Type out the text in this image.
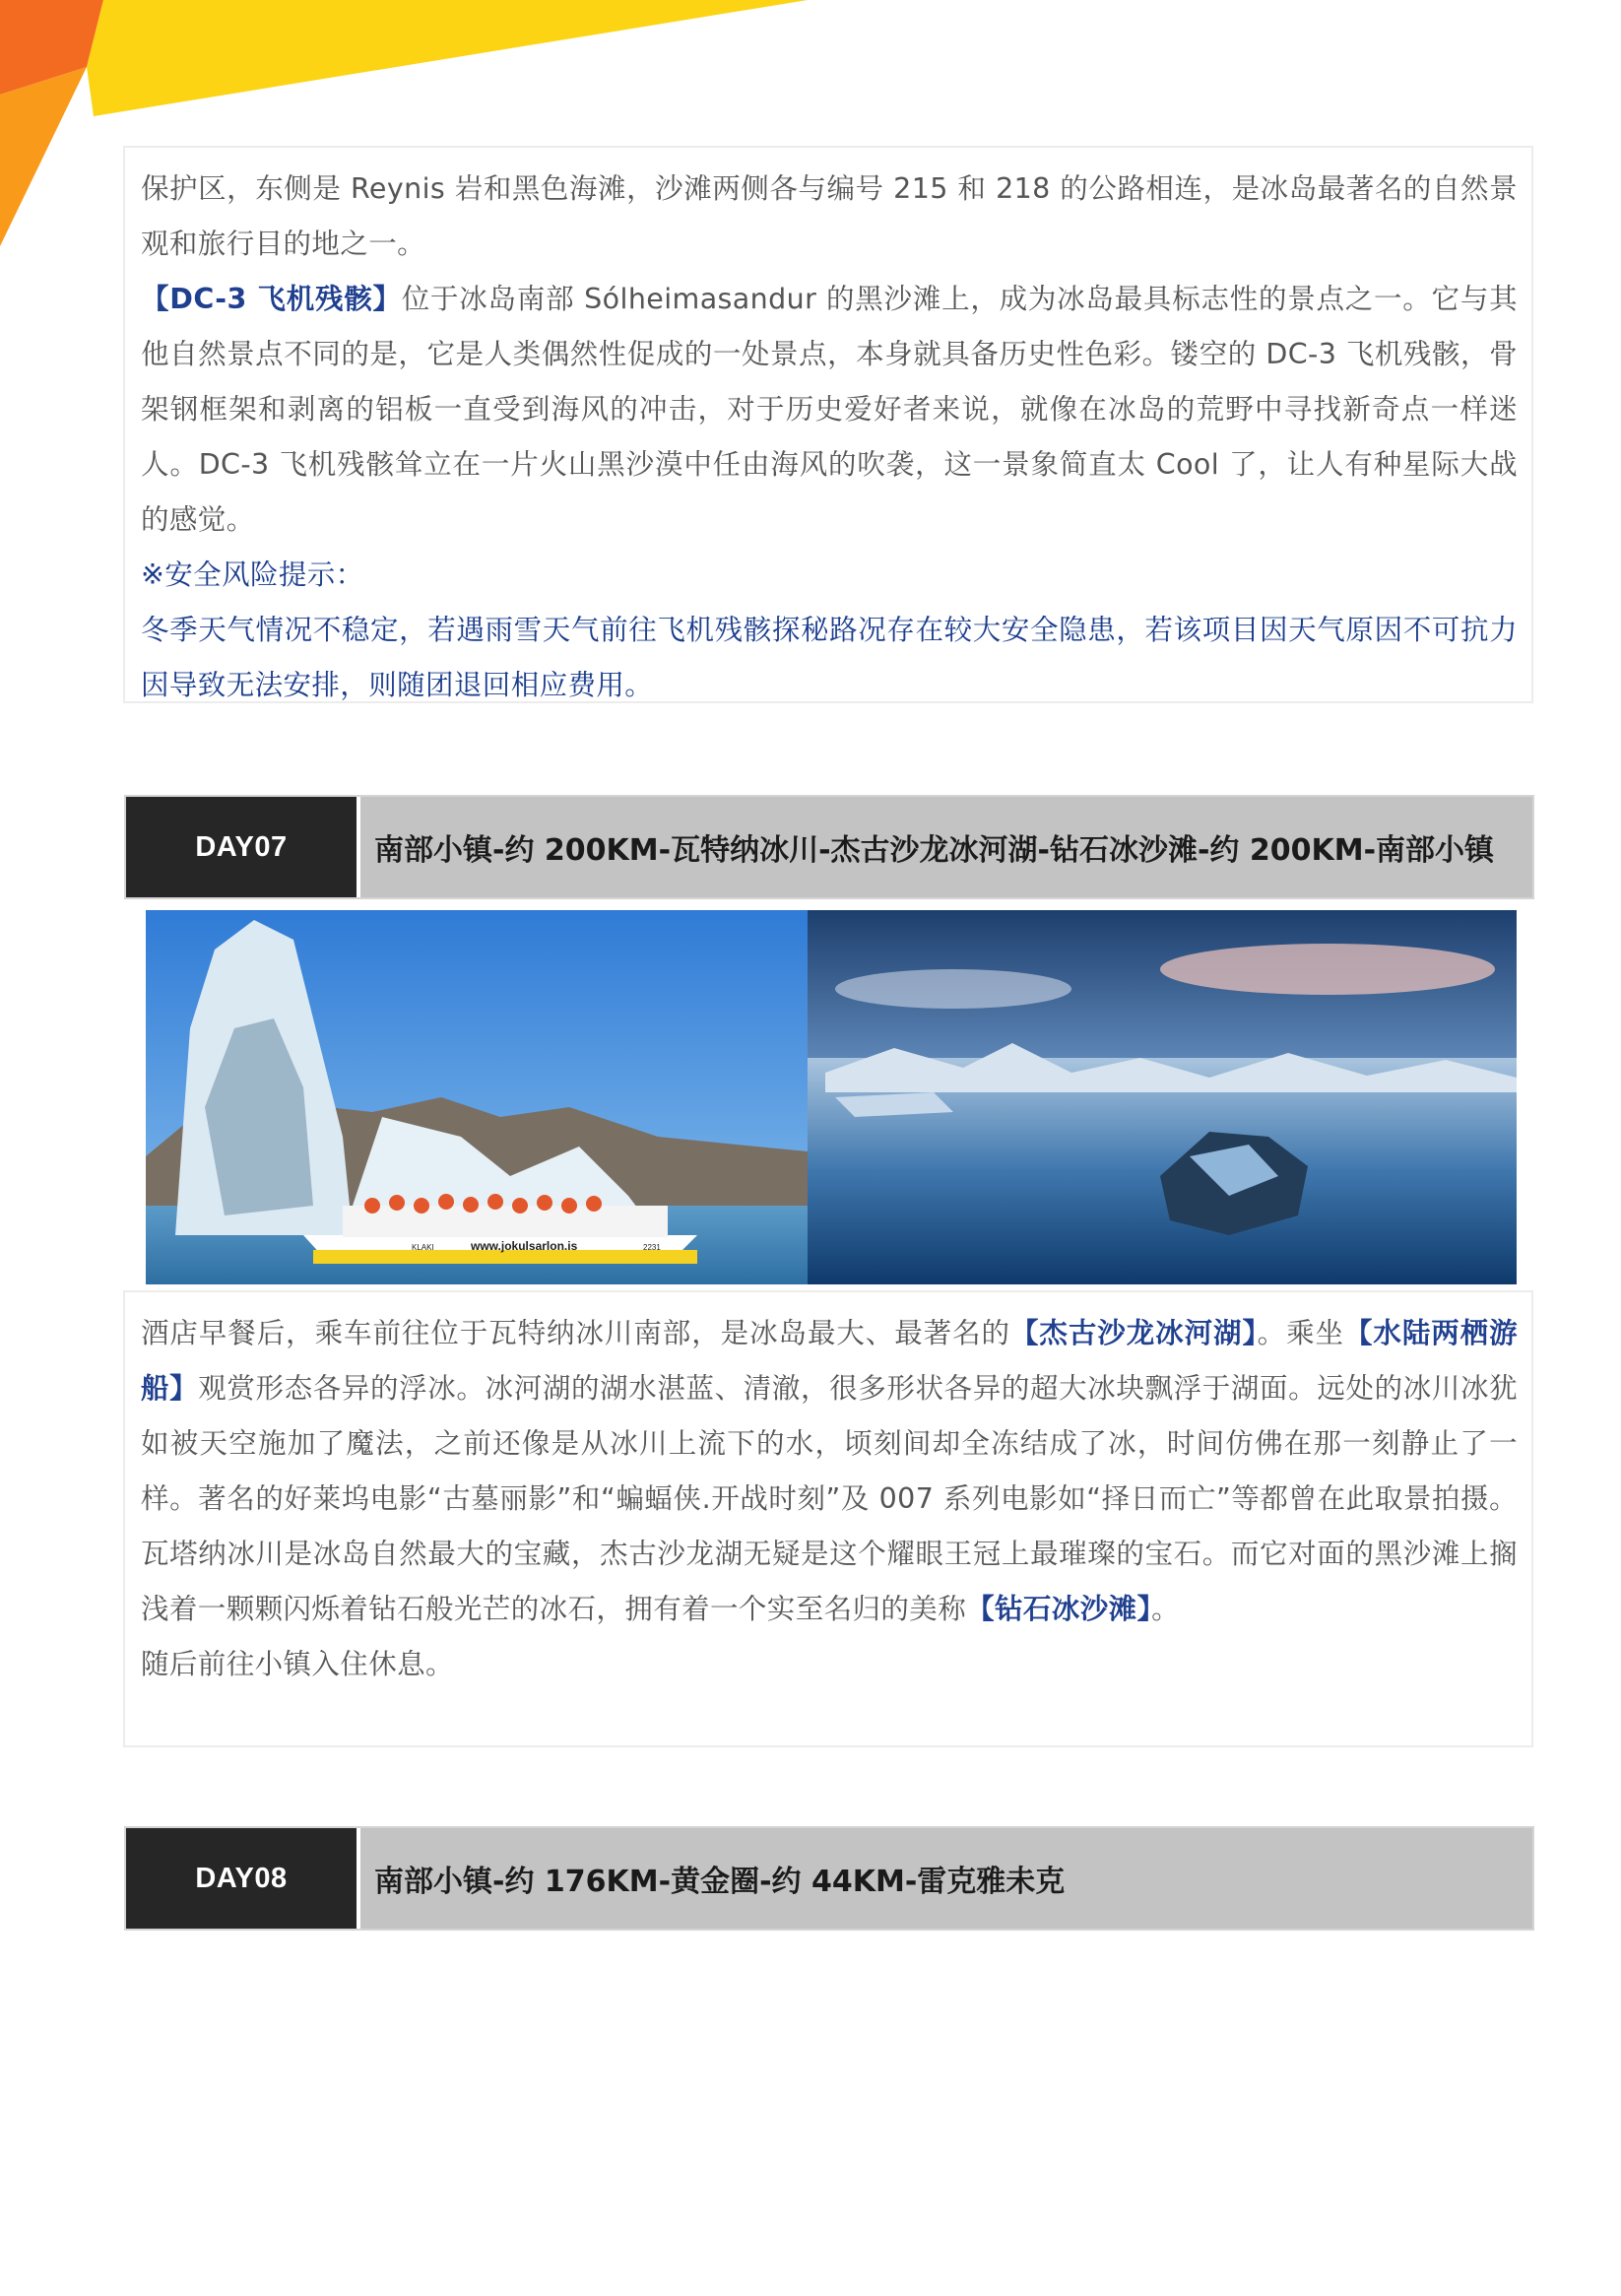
保护区，东侧是 Reynis 岩和黑色海滩，沙滩两侧各与编号 215 和 218 的公路相连，是冰岛最著名的自然景观和旅行目的地之一。

【DC-3 飞机残骸】位于冰岛南部 Sólheimasandur 的黑沙滩上，成为冰岛最具标志性的景点之一。它与其他自然景点不同的是，它是人类偶然性促成的一处景点，本身就具备历史性色彩。镂空的 DC-3 飞机残骸，骨架钢框架和剥离的铝板一直受到海风的冲击，对于历史爱好者来说，就像在冰岛的荒野中寻找新奇点一样迷人。DC-3 飞机残骸耸立在一片火山黑沙漠中任由海风的吹袭，这一景象简直太 Cool 了，让人有种星际大战的感觉。

※安全风险提示：

冬季天气情况不稳定，若遇雨雪天气前往飞机残骸探秘路况存在较大安全隐患，若该项目因天气原因不可抗力因导致无法安排，则随团退回相应费用。

DAY07	南部小镇-约 200KM-瓦特纳冰川-杰古沙龙冰河湖-钻石冰沙滩-约 200KM-南部小镇
www.jokulsarlon.is
KLAKI	2231

酒店早餐后，乘车前往位于瓦特纳冰川南部，是冰岛最大、最著名的【杰古沙龙冰河湖】。乘坐【水陆两栖游船】观赏形态各异的浮冰。冰河湖的湖水湛蓝、清澈，很多形状各异的超大冰块飘浮于湖面。远处的冰川冰犹如被天空施加了魔法，之前还像是从冰川上流下的水，顷刻间却全冻结成了冰，时间仿佛在那一刻静止了一样。著名的好莱坞电影“古墓丽影”和“蝙蝠侠.开战时刻”及 007 系列电影如“择日而亡”等都曾在此取景拍摄。瓦塔纳冰川是冰岛自然最大的宝藏，杰古沙龙湖无疑是这个耀眼王冠上最璀璨的宝石。而它对面的黑沙滩上搁浅着一颗颗闪烁着钻石般光芒的冰石，拥有着一个实至名归的美称【钻石冰沙滩】。

随后前往小镇入住休息。

DAY08	南部小镇-约 176KM-黄金圈-约 44KM-雷克雅未克
